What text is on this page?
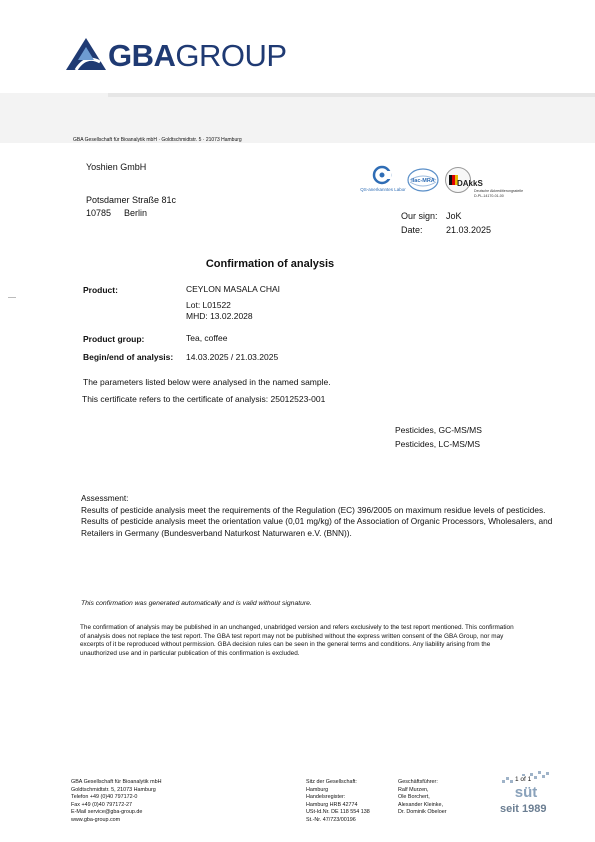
GBAGROUP
GBA Gesellschaft für Bioanalytik mbH · Goldtschmidtstr. 5 · 21073 Hamburg
Yoshien GmbH
Potsdamer Straße 81c
10785 Berlin
QS-anerkanntes Labor
ilac-MRA	DAkkS
Deutsche Akkreditierungsstelle D-PL-14170-01-00
Our sign: JoK
Date:	21.03.2025
Confirmation of analysis
Product:	CEYLON MASALA CHAI
Lot: L01522
MHD: 13.02.2028
Product group:	Tea, coffee
Begin/end of analysis: 14.03.2025 / 21.03.2025
The parameters listed below were analysed in the named sample.
This certificate refers to the certificate of analysis: 25012523-001
Pesticides, GC-MS/MS
Pesticides, LC-MS/MS
Assessment:
Results of pesticide analysis meet the requirements of the Regulation (EC) 396/2005 on maximum residue levels of pesticides.
Results of pesticide analysis meet the orientation value (0,01 mg/kg) of the Association of Organic Processors, Wholesalers, and Retailers in Germany (Bundesverband Naturkost Naturwaren e.V. (BNN)).
This confirmation was generated automatically and is valid without signature.
The confirmation of analysis may be published in an unchanged, unabridged version and refers exclusively to the test report mentioned. This confirmation of analysis does not replace the test report. The GBA test report may not be published without the express written consent of the GBA Group, nor may excerpts of it be reproduced without permission. GBA decision rules can be seen in the general terms and conditions. Any liability arising from the unauthorized use and in particular publication of this confirmation is excluded.
GBA Gesellschaft für Bioanalytik mbH
Goldtschmidtstr. 5, 21073 Hamburg
Telefon +49 (0)40 797172-0
Fax +49 (0)40 797172-27
E-Mail service@gba-group.de
www.gba-group.com
Sitz der Gesellschaft:
Hamburg
Handelsregister:
Hamburg HRB 42774
USt-Id.Nr. DE 118 554 138
St.-Nr. 47/723/00196
Geschäftsführer:
Ralf Murzen,
Ole Borchert,
Alexander Kleinke,
Dr. Dominik Obeloer
süt
1 of 1
seit 1989
